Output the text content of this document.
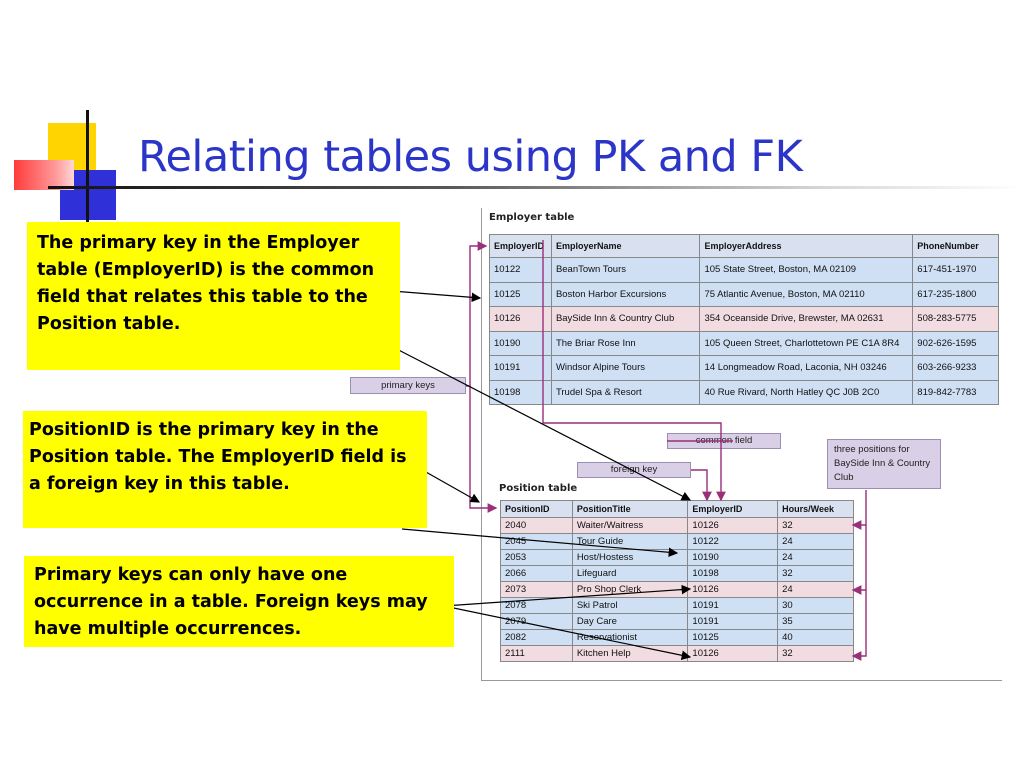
Relating tables using PK and FK
Employer table
EmployerID	EmployerName	EmployerAddress	PhoneNumber
10122	BeanTown Tours	105 State Street, Boston, MA 02109	617-451-1970
10125	Boston Harbor Excursions	75 Atlantic Avenue, Boston, MA 02110	617-235-1800
10126	BaySide Inn & Country Club	354 Oceanside Drive, Brewster, MA 02631	508-283-5775
10190	The Briar Rose Inn	105 Queen Street, Charlottetown PE C1A 8R4	902-626-1595
10191	Windsor Alpine Tours	14 Longmeadow Road, Laconia, NH 03246	603-266-9233
10198	Trudel Spa & Resort	40 Rue Rivard, North Hatley QC J0B 2C0	819-842-7783
Position table
PositionID	PositionTitle	EmployerID	Hours/Week
2040	Waiter/Waitress	10126	32
2045	Tour Guide	10122	24
2053	Host/Hostess	10190	24
2066	Lifeguard	10198	32
2073	Pro Shop Clerk	10126	24
2078	Ski Patrol	10191	30
2079	Day Care	10191	35
2082	Reservationist	10125	40
2111	Kitchen Help	10126	32
primary keys
common field
foreign key
three positions for BaySide Inn & Country Club
The primary key in the Employer table (EmployerID) is the common field that relates this table to the Position table.
PositionID is the primary key in the Position table. The EmployerID field is a foreign key in this table.
Primary keys can only have one occurrence in a table. Foreign keys may have multiple occurrences.
